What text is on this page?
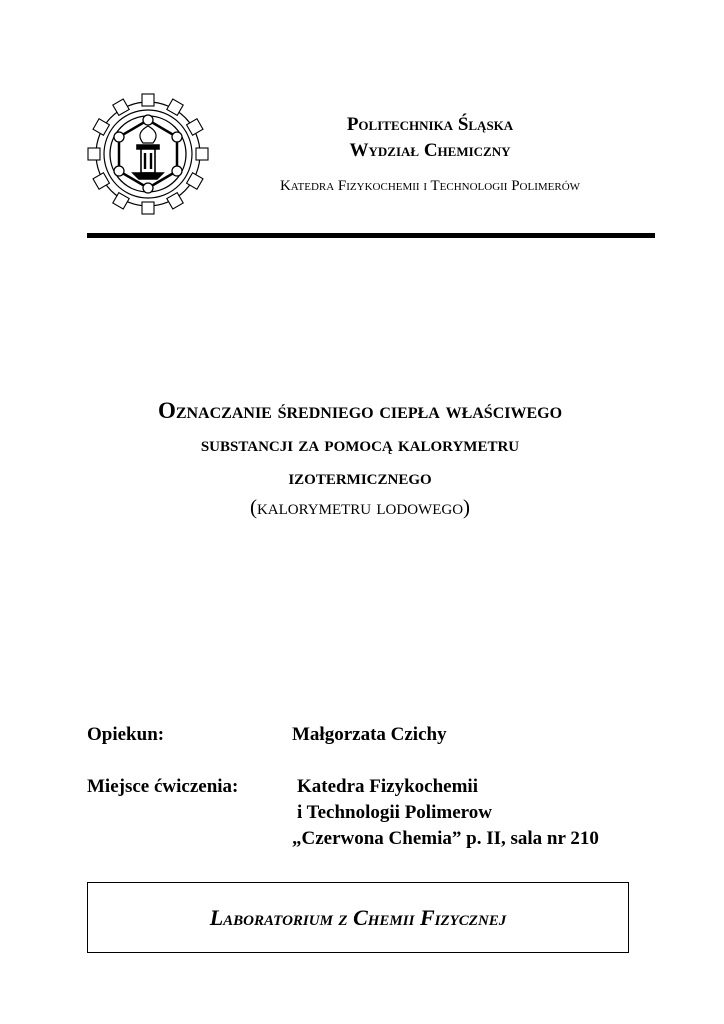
Politechnika Śląska
Wydział Chemiczny
Katedra Fizykochemii i Technologii Polimerów
Oznaczanie średniego ciepła właściwego
substancji za pomocą kalorymetru
izotermicznego
(kalorymetru lodowego)
Opiekun:	Małgorzata Czichy
Miejsce ćwiczenia:	Katedra Fizykochemii
i Technologii Polimerow
„Czerwona Chemia” p. II, sala nr 210
Laboratorium z Chemii Fizycznej
